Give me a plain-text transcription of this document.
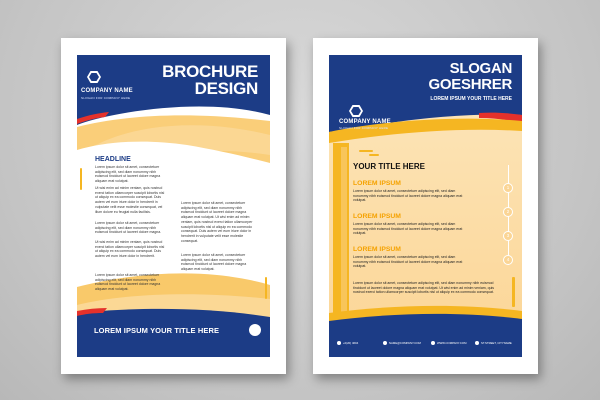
COMPANY NAME
SLOGAN FOR COMPANY HERE
BROCHURE
DESIGN
HEADLINE
Lorem ipsum dolor sit amet, consectetuer adipiscing elit, sed diam nonummy nibh euismod tincidunt ut laoreet dolore magna aliquam erat volutpat.
Ut wisi enim ad minim veniam, quis nostrud exerci tation ullamcorper suscipit lobortis nisl ut aliquip ex ea commodo consequat. Duis autem vel eum iriure dolor in hendrerit in vulputate velit esse molestie consequat, vel illum dolore eu feugiat nulla facilisis.
Lorem ipsum dolor sit amet, consectetuer adipiscing elit, sed diam nonummy nibh euismod tincidunt ut laoreet dolore magna.
Ut wisi enim ad minim veniam, quis nostrud exerci tation ullamcorper suscipit lobortis nisl ut aliquip ex ea commodo consequat. Duis autem vel eum iriure dolor in hendrerit.
Lorem ipsum dolor sit amet, consectetuer adipiscing elit, sed diam nonummy nibh euismod tincidunt ut laoreet dolore magna aliquam erat volutpat.
Lorem ipsum dolor sit amet, consectetuer adipiscing elit, sed diam nonummy nibh euismod tincidunt ut laoreet dolore magna aliquam erat volutpat. Ut wisi enim ad minim veniam, quis nostrud exerci tation ullamcorper suscipit lobortis nisl ut aliquip ex ea commodo consequat. Duis autem vel eum iriure dolor in hendrerit in vulputate velit esse molestie consequat.
Lorem ipsum dolor sit amet, consectetuer adipiscing elit, sed diam nonummy nibh euismod tincidunt ut laoreet dolore magna aliquam erat volutpat.
LOREM IPSUM YOUR TITLE HERE
COMPANY NAME
SLOGAN FOR COMPANY HERE
SLOGAN
GOESHRER
LOREM IPSUM YOUR TITLE HERE
YOUR TITLE HERE
LOREM IPSUM
Lorem ipsum dolor sit amet, consectetuer adipiscing elit, sed diam nonummy nibh euismod tincidunt ut laoreet dolore magna aliquam erat volutpat.
LOREM IPSUM
Lorem ipsum dolor sit amet, consectetuer adipiscing elit, sed diam nonummy nibh euismod tincidunt ut laoreet dolore magna aliquam erat volutpat.
LOREM IPSUM
Lorem ipsum dolor sit amet, consectetuer adipiscing elit, sed diam nonummy nibh euismod tincidunt ut laoreet dolore magna aliquam erat volutpat.
1
2
3
4
Lorem ipsum dolor sit amet, consectetuer adipiscing elit, sed diam nonummy nibh euismod tincidunt ut laoreet dolore magna aliquam erat volutpat. Ut wisi enim ad minim veniam, quis nostrud exerci tation ullamcorper suscipit lobortis nisl ut aliquip ex ea commodo consequat.
+0(20) 4604	NAME@COMPANY.COM	WWW.COMPANY.COM	ST.STREET, CITYNAME
